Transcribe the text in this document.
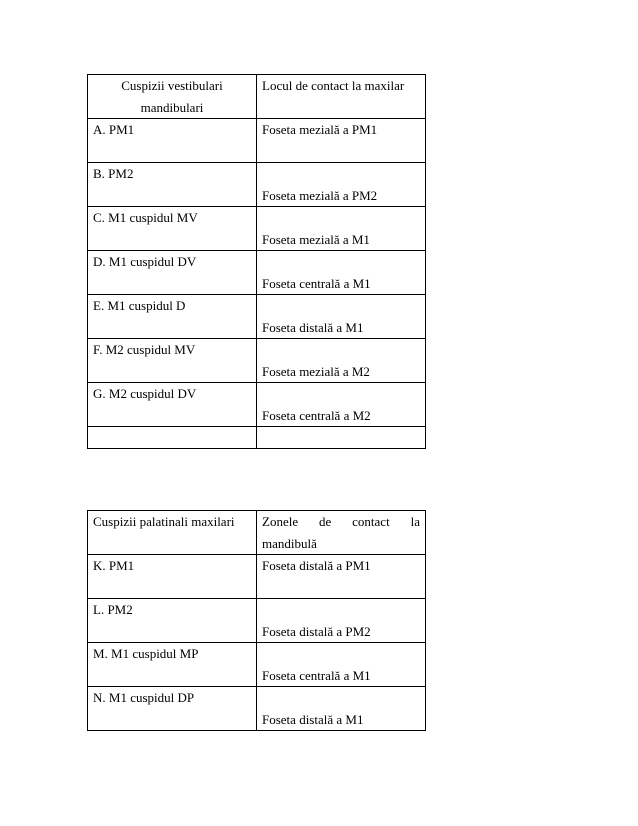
Cuspizii vestibulari
mandibulari	Locul de contact la maxilar

A. PM1	Foseta mezială a PM1

B. PM2	Foseta mezială a PM2

C. M1 cuspidul MV	Foseta mezială a M1

D. M1 cuspidul DV	Foseta centrală a M1

E. M1 cuspidul D	Foseta distală a M1

F. M2 cuspidul MV	Foseta mezială a M2

G. M2 cuspidul DV	Foseta centrală a M2

Cuspizii palatinali maxilari	Zonele de contact la
mandibulă

K. PM1	Foseta distală a PM1

L. PM2	Foseta distală a PM2

M. M1 cuspidul MP	Foseta centrală a M1

N. M1 cuspidul DP	Foseta distală a M1
